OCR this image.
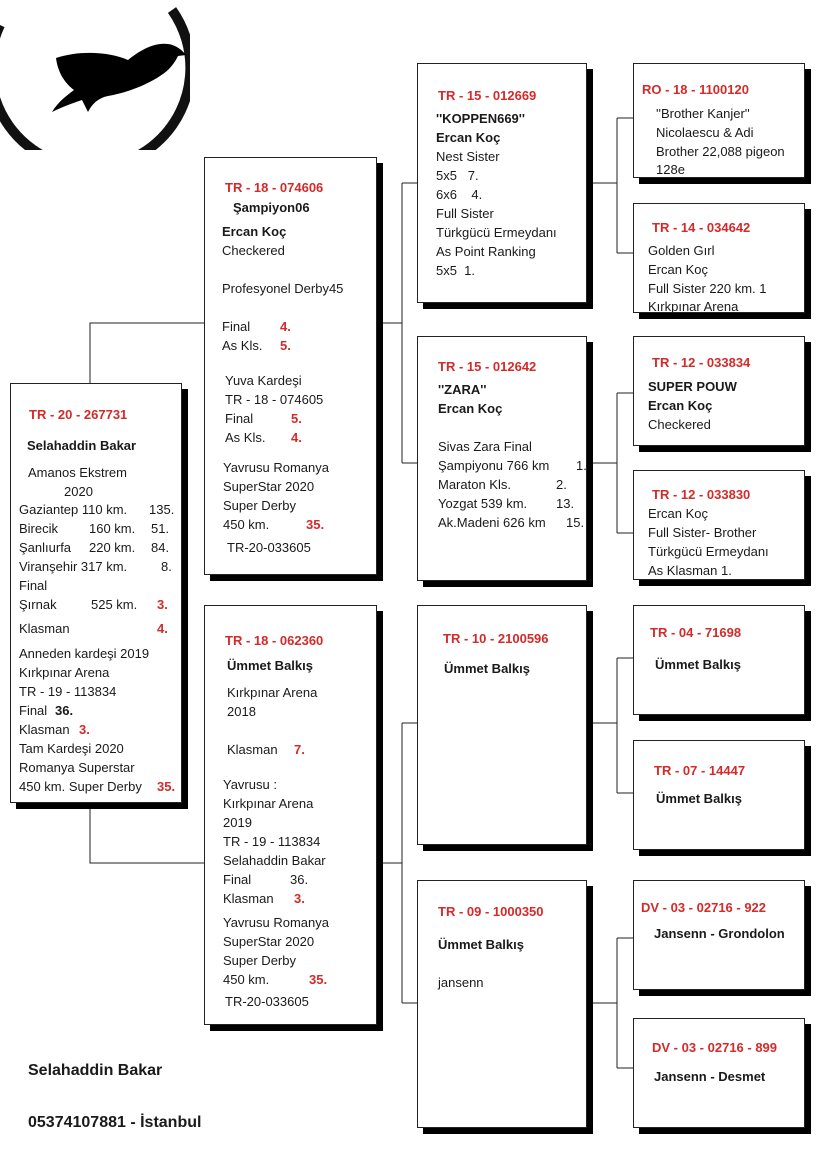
TR - 20 - 267731
Selahaddin Bakar
Amanos Ekstrem
2020
Gaziantep 110 km. 135.
Birecik 160 km. 51.
Şanlıurfa 220 km. 84.
Viranşehir 317 km.	8.
Final
Şırnak	525 km. 3.
Klasman	4.
Anneden kardeşi 2019
Kırkpınar Arena
TR - 19 - 113834
Final 36.
Klasman 3.
Tam Kardeşi 2020
Romanya Superstar
450 km. Super Derby 35.
TR - 18 - 074606
Şampiyon06
Ercan Koç
Checkered
Profesyonel Derby45
Final 4.
As Kls. 5.
Yuva Kardeşi
TR - 18 - 074605
Final	5.
As Kls. 4.
Yavrusu Romanya
SuperStar 2020
Super Derby
450 km.	35.
TR-20-033605
TR - 18 - 062360
Ümmet Balkış
Kırkpınar Arena
2018
Klasman 7.
Yavrusu :
Kırkpınar Arena
2019
TR - 19 - 113834
Selahaddin Bakar
Final	36.
Klasman 3.
Yavrusu Romanya
SuperStar 2020
Super Derby
450 km.	35.
TR-20-033605
TR - 15 - 012669
''KOPPEN669''
Ercan Koç
Nest Sister
5x5   7.
6x6    4.
Full Sister
Türkgücü Ermeydanı
As Point Ranking
5x5  1.
TR - 15 - 012642
''ZARA''
Ercan Koç
Sivas Zara Final
Şampiyonu 766 km 1.
Maraton Kls.	2.
Yozgat 539 km. 13.
Ak.Madeni 626 km 15.
TR - 10 - 2100596
Ümmet Balkış
TR - 09 - 1000350
Ümmet Balkış
jansenn
RO - 18 - 1100120
''Brother Kanjer''
Nicolaescu & Adi
Brother 22,088 pigeon
128e
TR - 14 - 034642
Golden Gırl
Ercan Koç
Full Sister 220 km. 1
Kırkpınar Arena
TR - 12 - 033834
SUPER POUW
Ercan Koç
Checkered
TR - 12 - 033830
Ercan Koç
Full Sister- Brother
Türkgücü Ermeydanı
As Klasman 1.
TR - 04 - 71698
Ümmet Balkış
TR - 07 - 14447
Ümmet Balkış
DV - 03 - 02716 - 922
Jansenn - Grondolon
DV - 03 - 02716 - 899
Jansenn - Desmet
Selahaddin Bakar
05374107881 - İstanbul
